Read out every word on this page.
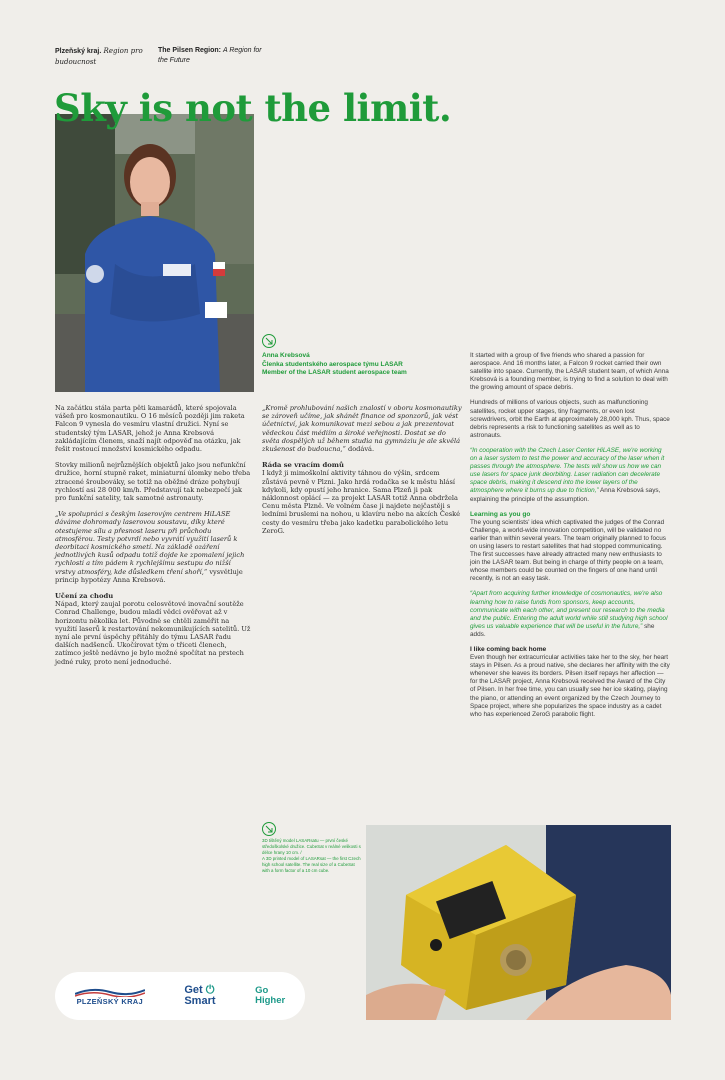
Plzeňský kraj. Region pro budoucnost
The Pilsen Region: A Region for the Future
Sky is not the limit.
Anna Krebsová
Členka studentského aerospace týmu LASAR
Member of the LASAR student aerospace team

Na začátku stála parta pěti kamarádů, které spojovala vášeň pro kosmonautiku. O 16 měsíců později jim raketa Falcon 9 vynesla do vesmíru vlastní družici. Nyní se studentský tým LASAR, jehož je Anna Krebsová zakládajícím členem, snaží najít odpověď na otázku, jak řešit rostoucí množství kosmického odpadu.

Stovky milionů nejrůznějších objektů jako jsou nefunkční družice, horní stupně raket, miniaturní úlomky nebo třeba ztracené šroubováky, se totiž na oběžné dráze pohybují rychlostí asi 28 000 km/h. Představují tak nebezpečí jak pro funkční satelity, tak samotné astronauty.

„Ve spolupráci s českým laserovým centrem HiLASE dáváme dohromady laserovou soustavu, díky které otestujeme sílu a přesnost laseru při průchodu atmosférou. Testy potvrdí nebo vyvrátí využití laserů k deorbitaci kosmického smetí. Na základě ozáření jednotlivých kusů odpadu totiž dojde ke zpomalení jejich rychlosti a tím pádem k rychlejšímu sestupu do nižší vrstvy atmosféry, kde důsledkem tření shoří,“ vysvětluje princip hypotézy Anna Krebsová.

Učení za chodu

Nápad, který zaujal porotu celosvětové inovační soutěže Conrad Challenge, budou mladí vědci ověřovat až v horizontu několika let. Původně se chtěli zaměřit na využití laserů k restartování nekomunikujících satelitů. Už nyní ale první úspěchy přitáhly do týmu LASAR řadu dalších nadšenců. Ukočírovat tým o třiceti členech, zatímco ještě nedávno je bylo možné spočítat na prstech jedné ruky, proto není jednoduché.

„Kromě prohlubování našich znalostí v oboru kosmonautiky se zároveň učíme, jak shánět finance od sponzorů, jak vést účetnictví, jak komunikovat mezi sebou a jak prezentovat vědeckou část médiím a široké veřejnosti. Dostat se do světa dospělých už během studia na gymnáziu je ale skvělá zkušenost do budoucna,“ dodává.

Ráda se vracím domů

I když ji mimoškolní aktivity táhnou do výšin, srdcem zůstává pevně v Plzni. Jako hrdá rodačka se k městu hlásí kdykoli, kdy opustí jeho hranice. Sama Plzeň ji pak náklonnost oplácí — za projekt LASAR totiž Anna obdržela Cenu města Plzně. Ve volném čase ji najdete nejčastěji s ledními bruslemi na nohou, u klavíru nebo na akcích České cesty do vesmíru třeba jako kadetku parabolického letu ZeroG.

It started with a group of five friends who shared a passion for aerospace. And 16 months later, a Falcon 9 rocket carried their own satellite into space. Currently, the LASAR student team, of which Anna Krebsová is a founding member, is trying to find a solution to deal with the growing amount of space debris.

Hundreds of millions of various objects, such as malfunctioning satellites, rocket upper stages, tiny fragments, or even lost screwdrivers, orbit the Earth at approximately 28,000 kph. Thus, space debris represents a risk to functioning satellites as well as to astronauts.

“In cooperation with the Czech Laser Center HiLASE, we're working on a laser system to test the power and accuracy of the laser when it passes through the atmosphere. The tests will show us how we can use lasers for space junk deorbiting. Laser radiation can decelerate space debris, making it descend into the lower layers of the atmosphere where it burns up due to friction,” Anna Krebsová says, explaining the principle of the assumption.

Learning as you go

The young scientists' idea which captivated the judges of the Conrad Challenge, a world-wide innovation competition, will be validated no earlier than within several years. The team originally planned to focus on using lasers to restart satellites that had stopped communicating. The first successes have already attracted many new enthusiasts to join the LASAR team. But being in charge of thirty people on a team, whose members could be counted on the fingers of one hand until recently, is not an easy task.

“Apart from acquiring further knowledge of cosmonautics, we're also learning how to raise funds from sponsors, keep accounts, communicate with each other, and present our research to the media and the public. Entering the adult world while still studying high school gives us valuable experience that will be useful in the future,” she adds.

I like coming back home

Even though her extracurricular activities take her to the sky, her heart stays in Pilsen. As a proud native, she declares her affinity with the city whenever she leaves its borders. Pilsen itself repays her affection — for the LASAR project, Anna Krebsová received the Award of the City of Pilsen. In her free time, you can usually see her ice skating, playing the piano, or attending an event organized by the Czech Journey to Space project, where she popularizes the space industry as a cadet who has experienced ZeroG parabolic flight.

3D tištěný model LASARsatu — první české středoškolské družice. CubeSat v reálné velikosti s délce hrany 10 cm. /
A 3D printed model of LASARsat — the first Czech high school satellite. The real size of a CubeSat with a form factor of a 10 cm cube.
PLZEŇSKÝ KRAJ
Get ⏻
Smart
Go
Higher
